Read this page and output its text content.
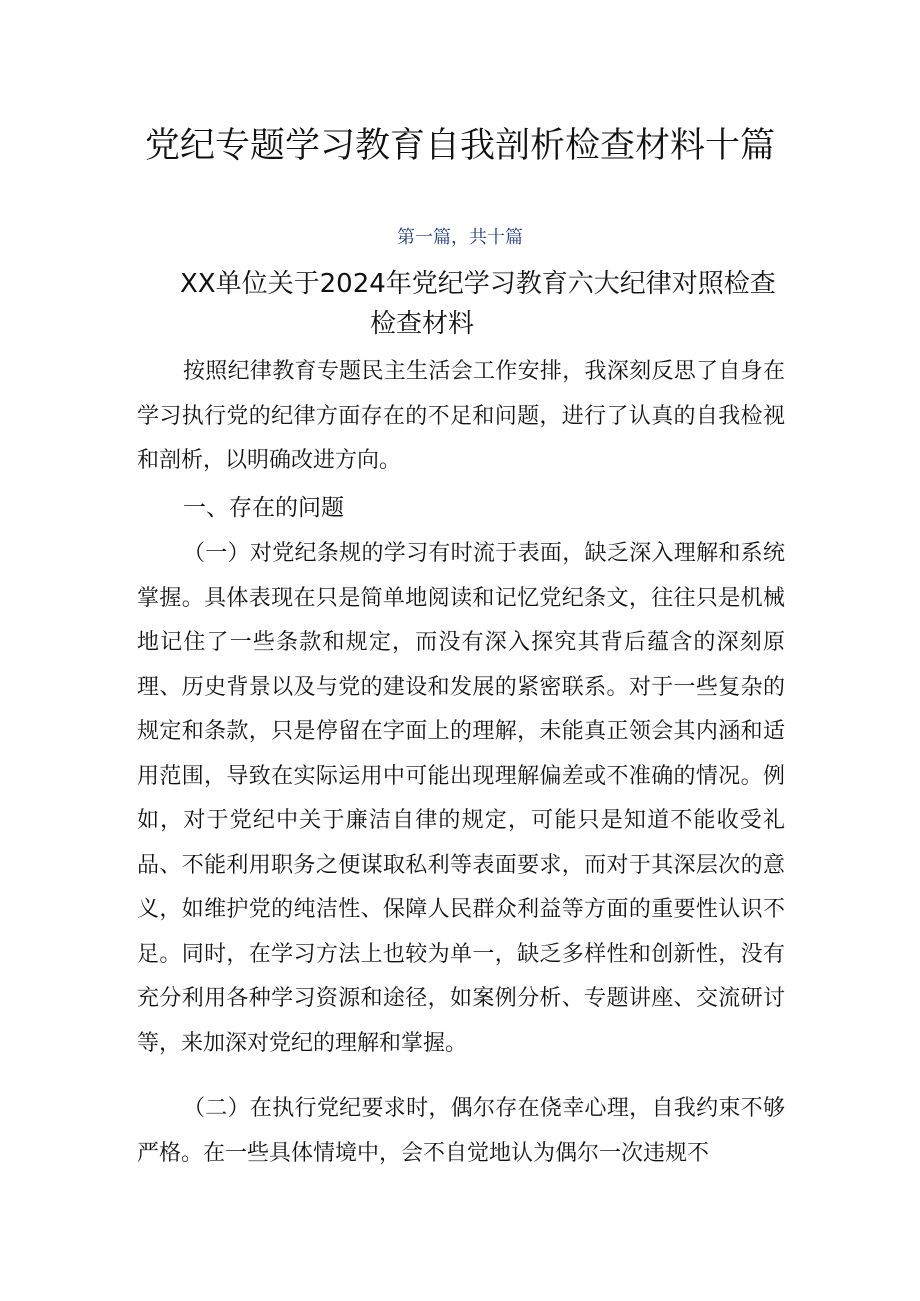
党纪专题学习教育自我剖析检查材料十篇
第一篇，共十篇
XX单位关于2024年党纪学习教育六大纪律对照检查
检查材料

按照纪律教育专题民主生活会工作安排，我深刻反思了自身在学习执行党的纪律方面存在的不足和问题，进行了认真的自我检视和剖析，以明确改进方向。

一、存在的问题

（一）对党纪条规的学习有时流于表面，缺乏深入理解和系统掌握。具体表现在只是简单地阅读和记忆党纪条文，往往只是机械地记住了一些条款和规定，而没有深入探究其背后蕴含的深刻原理、历史背景以及与党的建设和发展的紧密联系。对于一些复杂的规定和条款，只是停留在字面上的理解，未能真正领会其内涵和适用范围，导致在实际运用中可能出现理解偏差或不准确的情况。例如，对于党纪中关于廉洁自律的规定，可能只是知道不能收受礼品、不能利用职务之便谋取私利等表面要求，而对于其深层次的意义，如维护党的纯洁性、保障人民群众利益等方面的重要性认识不足。同时，在学习方法上也较为单一，缺乏多样性和创新性，没有充分利用各种学习资源和途径，如案例分析、专题讲座、交流研讨等，来加深对党纪的理解和掌握。

（二）在执行党纪要求时，偶尔存在侥幸心理，自我约束不够严格。在一些具体情境中，会不自觉地认为偶尔一次违规不
